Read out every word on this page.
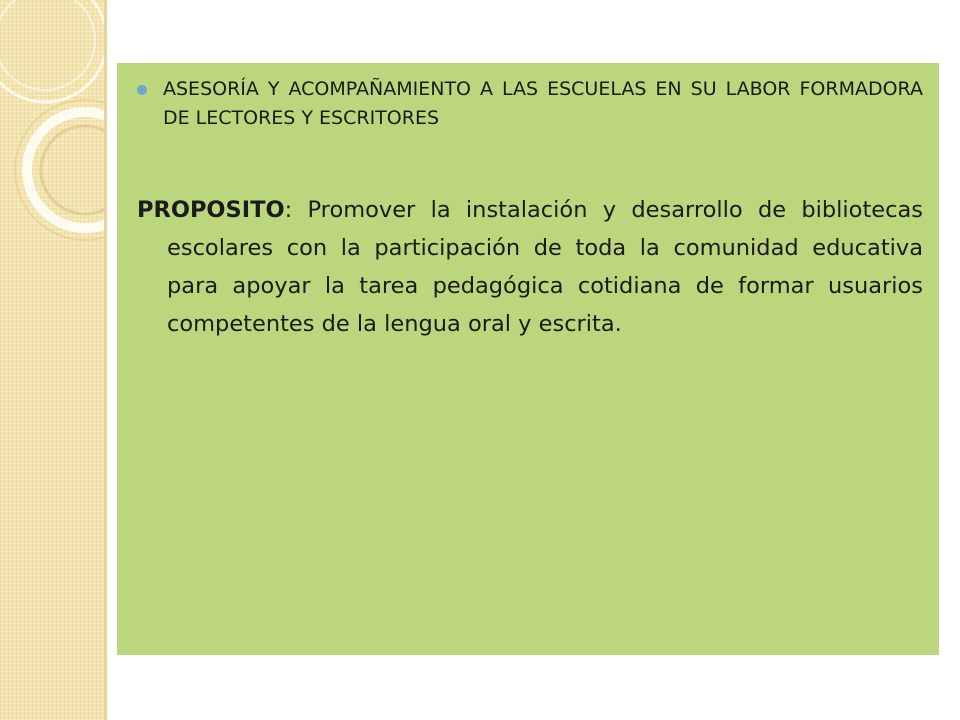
ASESORÍA Y ACOMPAÑAMIENTO A LAS ESCUELAS EN SU LABOR FORMADORA DE LECTORES Y ESCRITORES

PROPOSITO: Promover la instalación y desarrollo de bibliotecas escolares con la participación de toda la comunidad educativa para apoyar la tarea pedagógica cotidiana de formar usuarios competentes de la lengua oral y escrita.
